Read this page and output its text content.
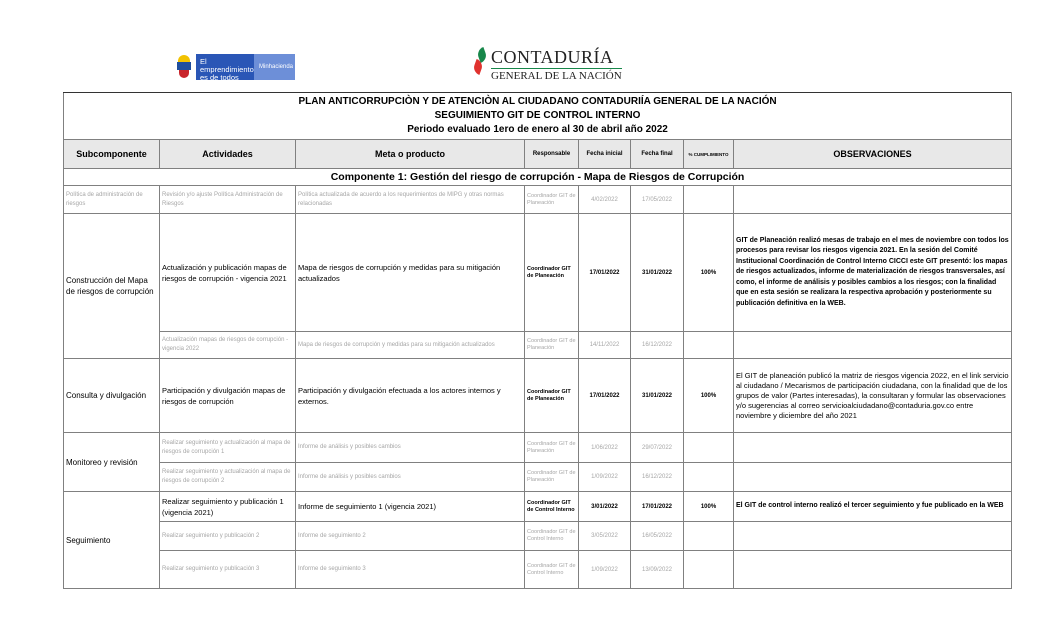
El emprendimiento
es de todos
Minhacienda	CONTADURÍA
GENERAL DE LA NACIÓN
PLAN ANTICORRUPCIÒN Y DE ATENCIÒN AL CIUDADANO CONTADURIÍA GENERAL DE LA NACIÓN
SEGUIMIENTO GIT DE CONTROL INTERNO
Periodo evaluado 1ero de enero al 30 de abril año 2022							

Subcomponente	Actividades	Meta o producto	Responsable	Fecha inicial	Fecha final	% CUMPLIMIENTO	OBSERVACIONES
Componente 1: Gestión del riesgo de corrupción - Mapa de Riesgos de Corrupción							
Política de administración de riesgos	Revisión y/o ajuste Política Administración de Riesgos	Política actualizada de acuerdo a los requerimientos de MIPG y otras normas relacionadas	Coordinador GIT de Planeación	4/02/2022	17/05/2022		
Construcción del Mapa de riesgos de corrupción	Actualización y publicación mapas de riesgos de corrupción - vigencia 2021	Mapa de riesgos de corrupción y medidas para su mitigación actualizados	Coordinador GIT de Planeación	17/01/2022	31/01/2022	100%	GIT de Planeación realizó mesas de trabajo en el mes de noviembre con todos los procesos para revisar los riesgos vigencia 2021. En la sesión del Comité Institucional Coordinación de Control Interno CICCI este GIT presentó: los mapas de riesgos actualizados, informe de materialización de riesgos transversales, así como, el informe de análisis y posibles cambios a los riesgos; con la finalidad que en esta sesión se realizara la respectiva aprobación y posteriormente su publicación definitiva en la WEB.
	Actualización mapas de riesgos de corrupción - vigencia 2022	Mapa de riesgos de corrupción y medidas para su mitigación actualizados	Coordinador GIT de Planeación	14/11/2022	16/12/2022		
Consulta y divulgación	Participación y divulgación mapas de riesgos de corrupción	Participación y divulgación efectuada a los actores internos y externos.	Coordinador GIT de Planeación	17/01/2022	31/01/2022	100%	El GIT de planeación publicó la matriz de riesgos vigencia 2022, en el link servicio al ciudadano / Mecarismos de participación ciudadana, con la finalidad que de los grupos de valor (Partes interesadas), la consultaran y formular las observaciones y/o sugerencias al correo servicioalciudadano@contaduria.gov.co entre noviembre y diciembre del año 2021
Monitoreo y revisión	Realizar seguimiento y actualización al mapa de riesgos de corrupción 1	Informe de análisis y posibles cambios	Coordinador GIT de Planeación	1/06/2022	29/07/2022		
	Realizar seguimiento y actualización al mapa de riesgos de corrupción 2	Informe de análisis y posibles cambios	Coordinador GIT de Planeación	1/09/2022	16/12/2022		
Seguimiento	Realizar seguimiento y publicación 1 (vigencia 2021)	Informe de seguimiento 1 (vigencia 2021)	Coordinador GIT de Control Interno	3/01/2022	17/01/2022	100%	El GIT de control interno realizó el tercer seguimiento y fue publicado en la WEB
	Realizar seguimiento y publicación 2	Informe de seguimiento 2	Coordinador GIT de Control Interno	3/05/2022	16/05/2022		
	Realizar seguimiento y publicación 3	Informe de seguimiento 3	Coordinador GIT de Control Interno	1/09/2022	13/09/2022		
